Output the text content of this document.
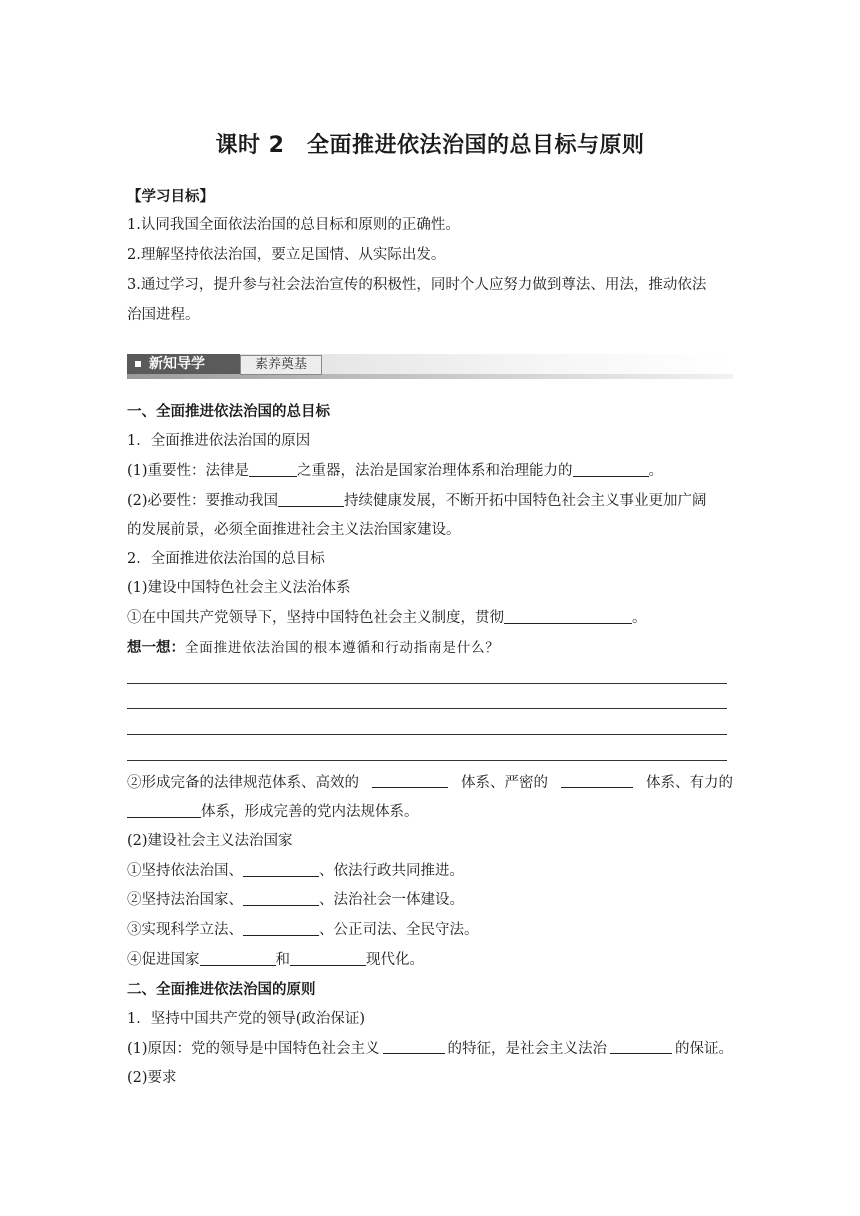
课时 2　全面推进依法治国的总目标与原则
【学习目标】
1.认同我国全面依法治国的总目标和原则的正确性。
2.理解坚持依法治国，要立足国情、从实际出发。
3.通过学习，提升参与社会法治宣传的积极性，同时个人应努力做到尊法、用法，推动依法
治国进程。
新知导学	素养奠基
一、全面推进依法治国的总目标
1．全面推进依法治国的原因
(1)重要性：法律是	之重器，法治是国家治理体系和治理能力的	。
(2)必要性：要推动我国	持续健康发展，不断开拓中国特色社会主义事业更加广阔
的发展前景，必须全面推进社会主义法治国家建设。
2．全面推进依法治国的总目标
(1)建设中国特色社会主义法治体系
①在中国共产党领导下，坚持中国特色社会主义制度，贯彻	。
想一想：全面推进依法治国的根本遵循和行动指南是什么？
②形成完备的法律规范体系、高效的	体系、严密的	体系、有力的
体系，形成完善的党内法规体系。
(2)建设社会主义法治国家
①坚持依法治国、	、依法行政共同推进。
②坚持法治国家、	、法治社会一体建设。
③实现科学立法、	、公正司法、全民守法。
④促进国家	和	现代化。
二、全面推进依法治国的原则
1．坚持中国共产党的领导(政治保证)
(1)原因：党的领导是中国特色社会主义	的特征，是社会主义法治	的保证。
(2)要求
